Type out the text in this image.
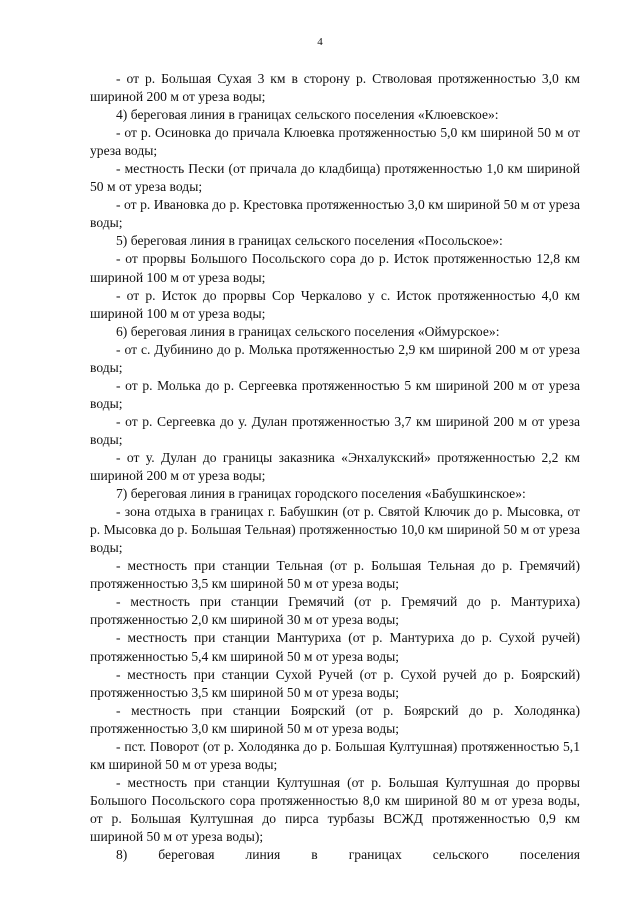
4

- от р. Большая Сухая 3 км в сторону р. Стволовая протяженностью 3,0 км шириной 200 м от уреза воды;

4) береговая линия в границах сельского поселения «Клюевское»:

- от р. Осиновка до причала Клюевка протяженностью 5,0 км шириной 50 м от уреза воды;

- местность Пески (от причала до кладбища) протяженностью 1,0 км шириной 50 м от уреза воды;

- от р. Ивановка до р. Крестовка протяженностью 3,0 км шириной 50 м от уреза воды;

5) береговая линия в границах сельского поселения «Посольское»:

- от прорвы Большого Посольского сора до р. Исток протяженностью 12,8 км шириной 100 м от уреза воды;

- от р. Исток до прорвы Сор Черкалово у с. Исток протяженностью 4,0 км шириной 100 м от уреза воды;

6) береговая линия в границах сельского поселения «Оймурское»:

- от с. Дубинино до р. Молька протяженностью 2,9 км шириной 200 м от уреза воды;

- от р. Молька до р. Сергеевка протяженностью 5 км шириной 200 м от уреза воды;

- от р. Сергеевка до у. Дулан протяженностью 3,7 км шириной 200 м от уреза воды;

- от у. Дулан до границы заказника «Энхалукский» протяженностью 2,2 км шириной 200 м от уреза воды;

7) береговая линия в границах городского поселения «Бабушкинское»:

- зона отдыха в границах г. Бабушкин (от р. Святой Ключик до р. Мысовка, от р. Мысовка до р. Большая Тельная) протяженностью 10,0 км шириной 50 м от уреза воды;

- местность при станции Тельная (от р. Большая Тельная до р. Гремячий) протяженностью 3,5 км шириной 50 м от уреза воды;

- местность при станции Гремячий (от р. Гремячий до р. Мантуриха) протяженностью 2,0 км шириной 30 м от уреза воды;

- местность при станции Мантуриха (от р. Мантуриха до р. Сухой ручей) протяженностью 5,4 км шириной 50 м от уреза воды;

- местность при станции Сухой Ручей (от р. Сухой ручей до р. Боярский) протяженностью 3,5 км шириной 50 м от уреза воды;

- местность при станции Боярский (от р. Боярский до р. Холодянка) протяженностью 3,0 км шириной 50 м от уреза воды;

- пст. Поворот (от р. Холодянка до р. Большая Култушная) протяженностью 5,1 км шириной 50 м от уреза воды;

- местность при станции Култушная (от р. Большая Култушная до прорвы Большого Посольского сора протяженностью 8,0 км шириной 80 м от уреза воды, от р. Большая Култушная до пирса турбазы ВСЖД протяженностью 0,9 км шириной 50 м от уреза воды);

8) береговая линия в границах сельского поселения
